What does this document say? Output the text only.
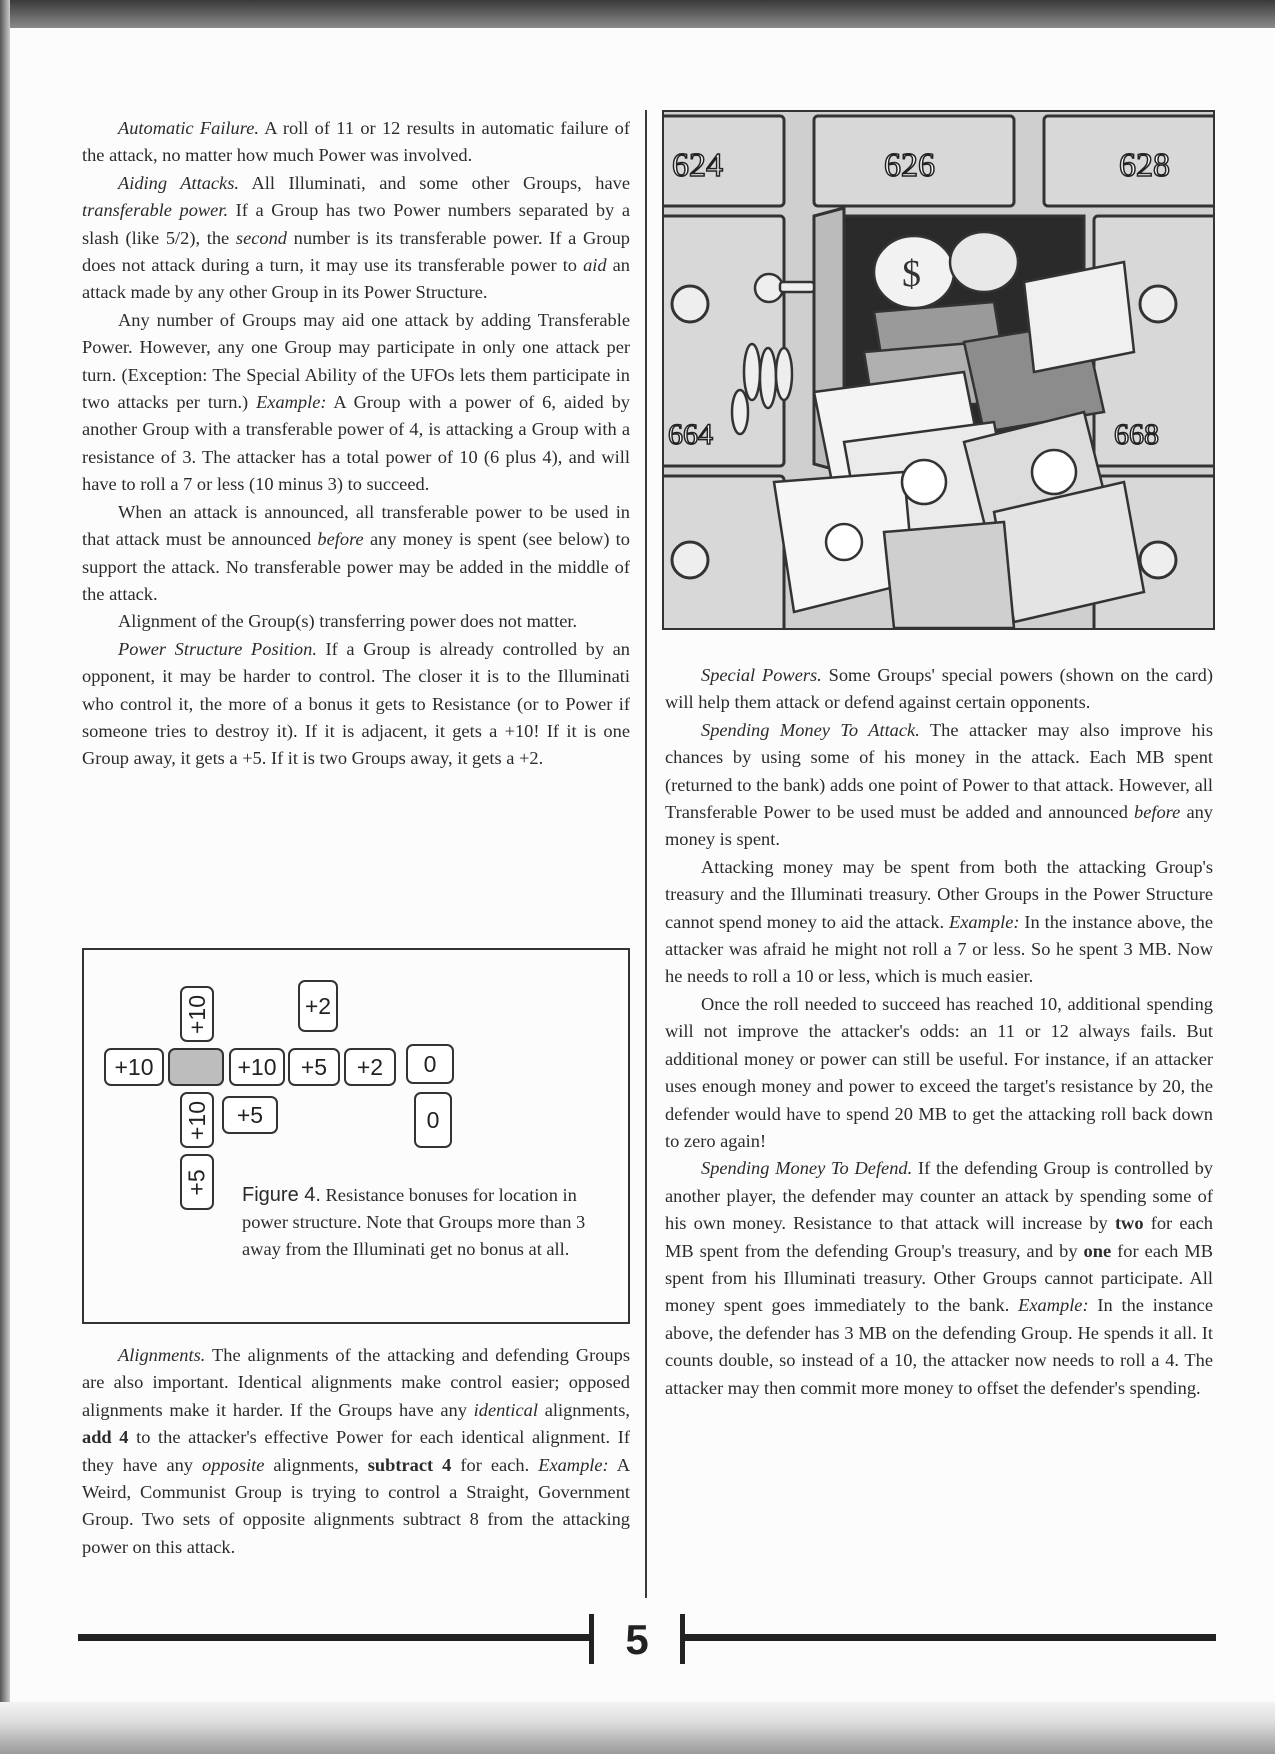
Automatic Failure. A roll of 11 or 12 results in automatic failure of the attack, no matter how much Power was involved.

Aiding Attacks. All Illuminati, and some other Groups, have transferable power. If a Group has two Power numbers separated by a slash (like 5/2), the second number is its transferable power. If a Group does not attack during a turn, it may use its transferable power to aid an attack made by any other Group in its Power Structure.

Any number of Groups may aid one attack by adding Transferable Power. However, any one Group may participate in only one attack per turn. (Exception: The Special Ability of the UFOs lets them participate in two attacks per turn.) Example: A Group with a power of 6, aided by another Group with a transferable power of 4, is attacking a Group with a resistance of 3. The attacker has a total power of 10 (6 plus 4), and will have to roll a 7 or less (10 minus 3) to succeed.

When an attack is announced, all transferable power to be used in that attack must be announced before any money is spent (see below) to support the attack. No transferable power may be added in the middle of the attack.

Alignment of the Group(s) transferring power does not matter.

Power Structure Position. If a Group is already controlled by an opponent, it may be harder to control. The closer it is to the Illuminati who control it, the more of a bonus it gets to Resistance (or to Power if someone tries to destroy it). If it is adjacent, it gets a +10! If it is one Group away, it gets a +5. If it is two Groups away, it gets a +2.

+10	+2
+10	+10	+5	+2	0
+10	+5	0
+5 Figure 4. Resistance bonuses for location in power structure. Note that Groups more than 3 away from the Illuminati get no bonus at all.

Alignments. The alignments of the attacking and defending Groups are also important. Identical alignments make control easier; opposed alignments make it harder. If the Groups have any identical alignments, add 4 to the attacker's effective Power for each identical alignment. If they have any opposite alignments, subtract 4 for each. Example: A Weird, Communist Group is trying to control a Straight, Government Group. Two sets of opposite alignments subtract 8 from the attacking power on this attack.

624	626	628
664	668
$

Special Powers. Some Groups' special powers (shown on the card) will help them attack or defend against certain opponents.

Spending Money To Attack. The attacker may also improve his chances by using some of his money in the attack. Each MB spent (returned to the bank) adds one point of Power to that attack. However, all Transferable Power to be used must be added and announced before any money is spent.

Attacking money may be spent from both the attacking Group's treasury and the Illuminati treasury. Other Groups in the Power Structure cannot spend money to aid the attack. Example: In the instance above, the attacker was afraid he might not roll a 7 or less. So he spent 3 MB. Now he needs to roll a 10 or less, which is much easier.

Once the roll needed to succeed has reached 10, additional spending will not improve the attacker's odds: an 11 or 12 always fails. But additional money or power can still be useful. For instance, if an attacker uses enough money and power to exceed the target's resistance by 20, the defender would have to spend 20 MB to get the attacking roll back down to zero again!

Spending Money To Defend. If the defending Group is controlled by another player, the defender may counter an attack by spending some of his own money. Resistance to that attack will increase by two for each MB spent from the defending Group's treasury, and by one for each MB spent from his Illuminati treasury. Other Groups cannot participate. All money spent goes immediately to the bank. Example: In the instance above, the defender has 3 MB on the defending Group. He spends it all. It counts double, so instead of a 10, the attacker now needs to roll a 4. The attacker may then commit more money to offset the defender's spending.

5
